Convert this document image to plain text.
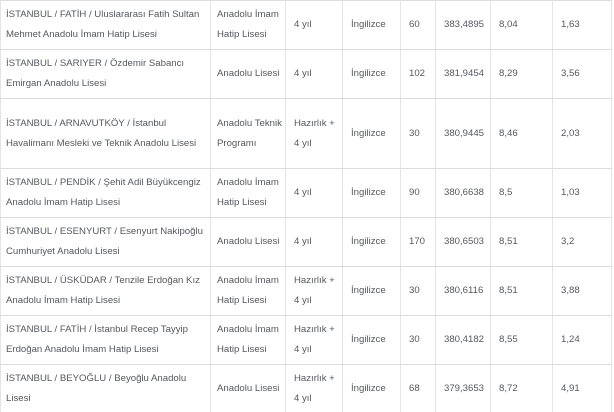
İSTANBUL / FATİH / Uluslararası Fatih Sultan Mehmet Anadolu İmam Hatip Lisesi	Anadolu İmam Hatip Lisesi	4 yıl	İngilizce	60	383,4895	8,04	1,63
İSTANBUL / SARIYER / Özdemir Sabancı Emirgan Anadolu Lisesi	Anadolu Lisesi	4 yıl	İngilizce	102	381,9454	8,29	3,56
İSTANBUL / ARNAVUTKÖY / İstanbul Havalimanı Mesleki ve Teknik Anadolu Lisesi	Anadolu Teknik Programı	Hazırlık + 4 yıl	İngilizce	30	380,9445	8,46	2,03
İSTANBUL / PENDİK / Şehit Adil Büyükcengiz Anadolu İmam Hatip Lisesi	Anadolu İmam Hatip Lisesi	4 yıl	İngilizce	90	380,6638	8,5	1,03
İSTANBUL / ESENYURT / Esenyurt Nakipoğlu Cumhuriyet Anadolu Lisesi	Anadolu Lisesi	4 yıl	İngilizce	170	380,6503	8,51	3,2
İSTANBUL / ÜSKÜDAR / Tenzile Erdoğan Kız Anadolu İmam Hatip Lisesi	Anadolu İmam Hatip Lisesi	Hazırlık + 4 yıl	İngilizce	30	380,6116	8,51	3,88
İSTANBUL / FATİH / İstanbul Recep Tayyip Erdoğan Anadolu İmam Hatip Lisesi	Anadolu İmam Hatip Lisesi	Hazırlık + 4 yıl	İngilizce	30	380,4182	8,55	1,24
İSTANBUL / BEYOĞLU / Beyoğlu Anadolu Lisesi	Anadolu Lisesi	Hazırlık + 4 yıl	İngilizce	68	379,3653	8,72	4,91
